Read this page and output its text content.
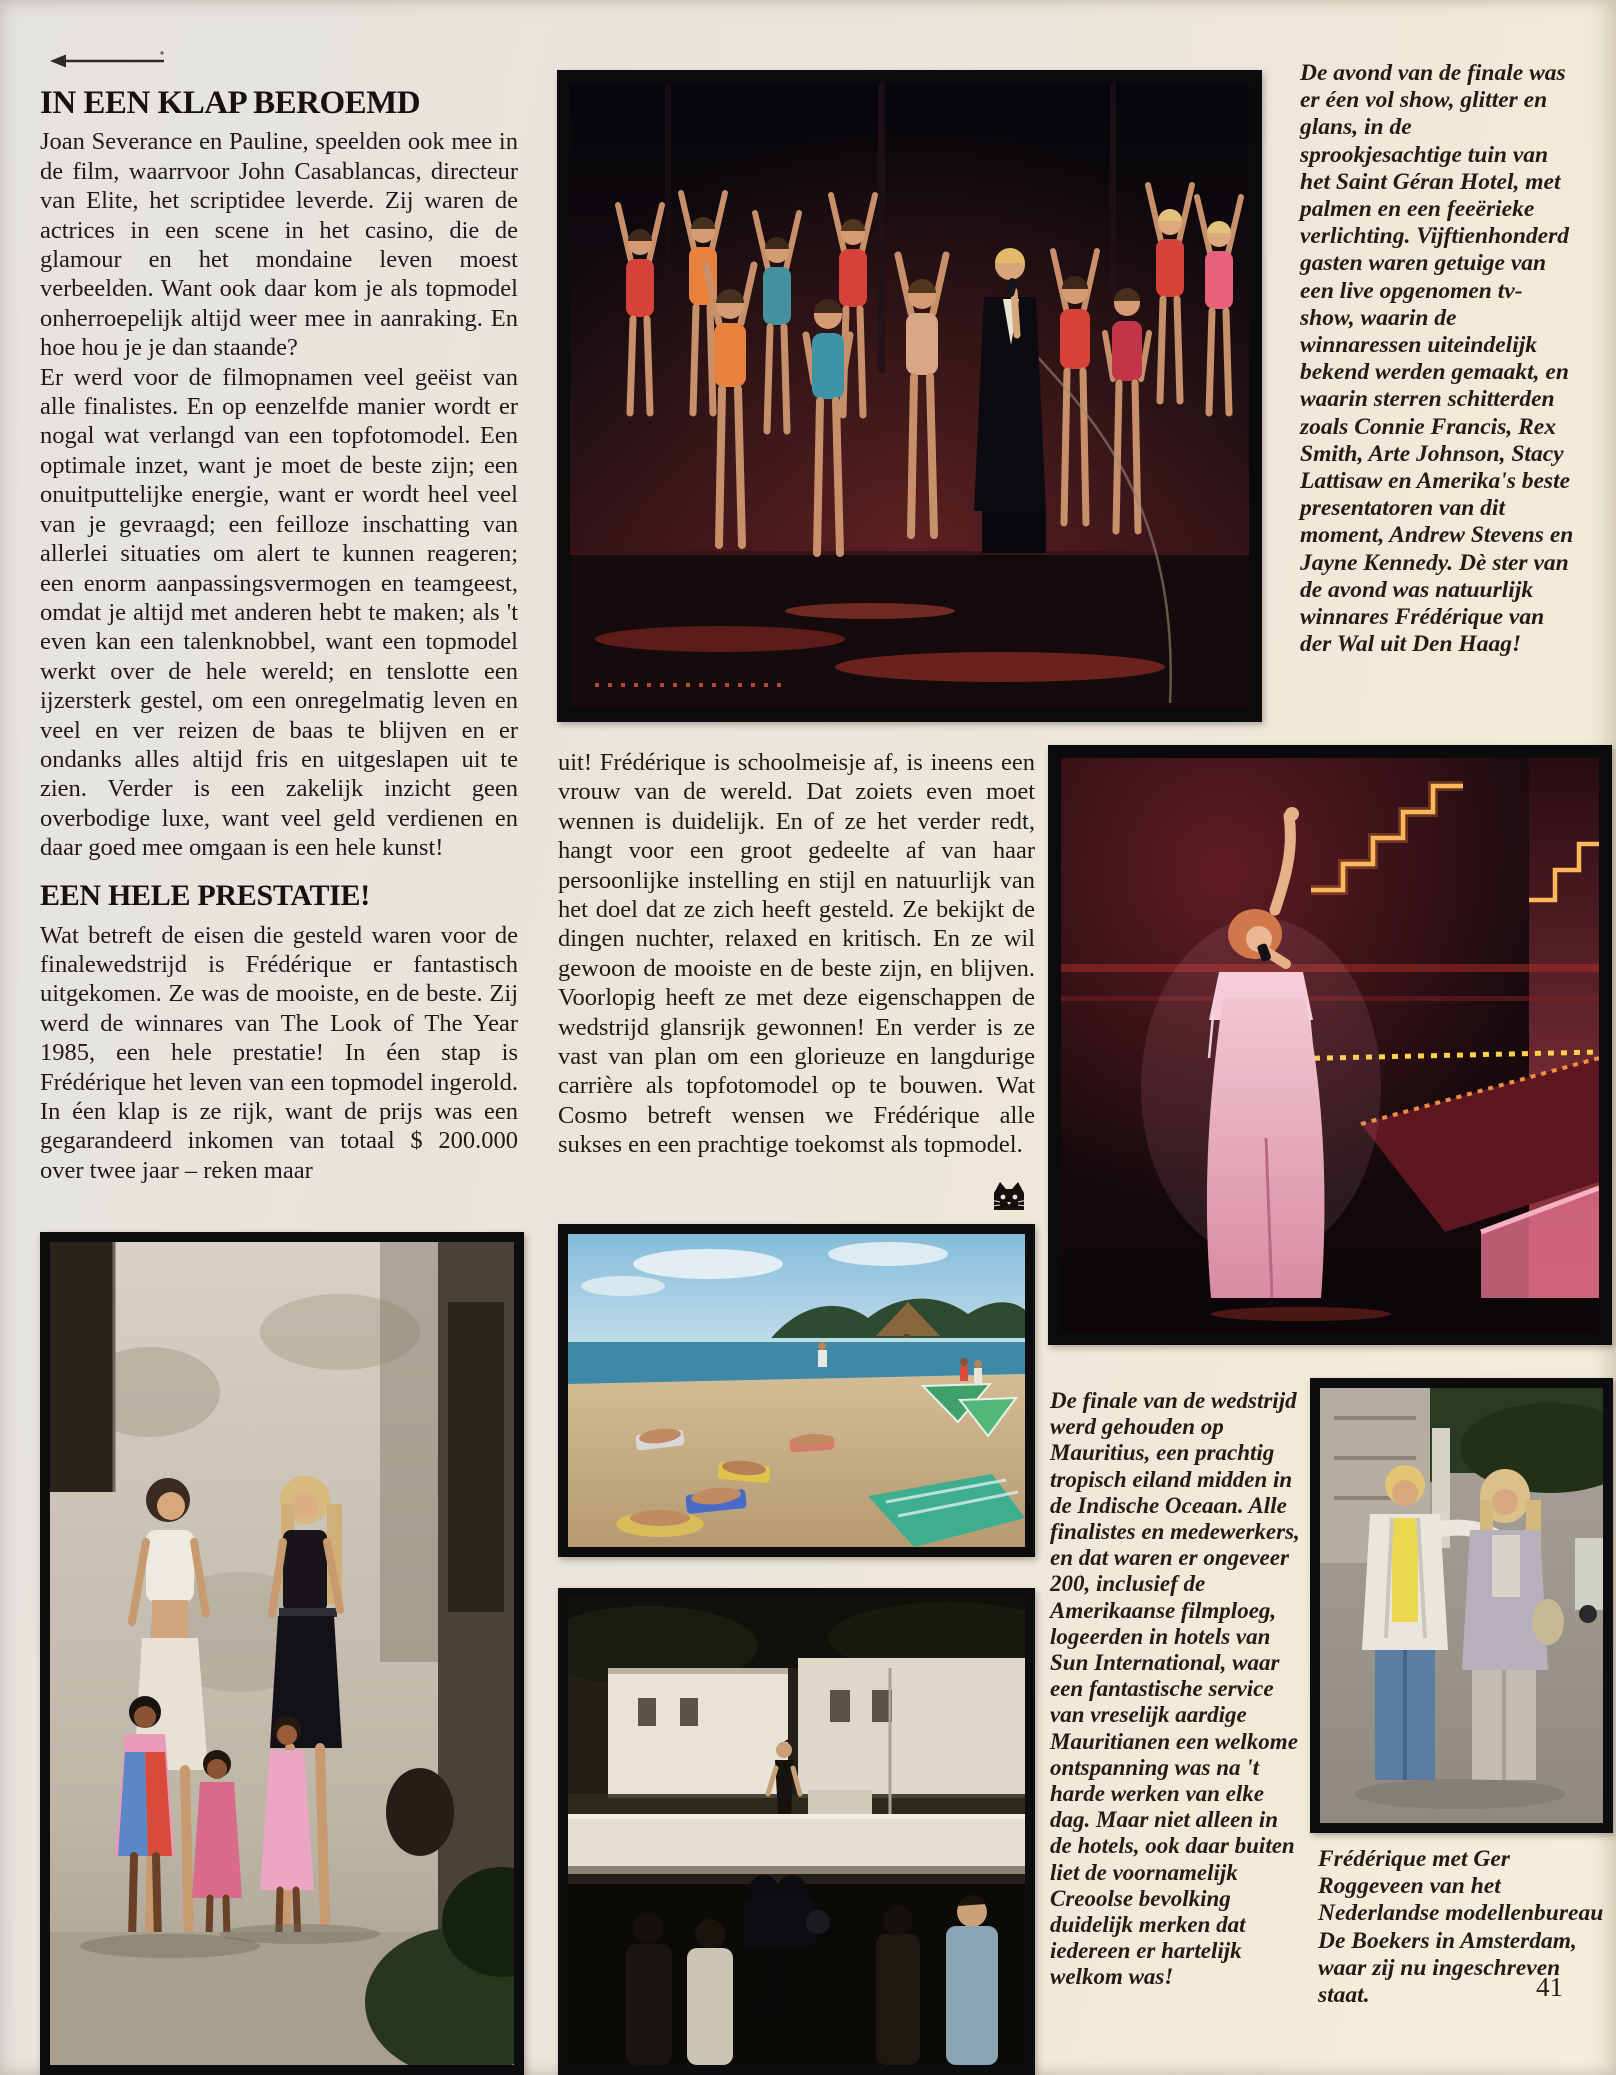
IN EEN KLAP BEROEMD

Joan Severance en Pauline, speelden ook mee in de film, waarrvoor John Casablancas, directeur van Elite, het scriptidee leverde. Zij waren de actrices in een scene in het casino, die de glamour en het mondaine leven moest verbeelden. Want ook daar kom je als topmodel onherroepelijk altijd weer mee in aanraking. En hoe hou je je dan staande?

Er werd voor de filmopnamen veel geëist van alle finalistes. En op eenzelfde manier wordt er nogal wat verlangd van een topfotomodel. Een optimale inzet, want je moet de beste zijn; een onuitputtelijke energie, want er wordt heel veel van je gevraagd; een feilloze inschatting van allerlei situaties om alert te kunnen reageren; een enorm aanpassingsvermogen en teamgeest, omdat je altijd met anderen hebt te maken; als 't even kan een talenknobbel, want een topmodel werkt over de hele wereld; en tenslotte een ijzersterk gestel, om een onregelmatig leven en veel en ver reizen de baas te blijven en er ondanks alles altijd fris en uitgeslapen uit te zien. Verder is een zakelijk inzicht geen overbodige luxe, want veel geld verdienen en daar goed mee omgaan is een hele kunst!

EEN HELE PRESTATIE!

Wat betreft de eisen die gesteld waren voor de finalewedstrijd is Frédérique er fantastisch uitgekomen. Ze was de mooiste, en de beste. Zij werd de winnares van The Look of The Year 1985, een hele prestatie! In éen stap is Frédérique het leven van een topmodel ingerold. In éen klap is ze rijk, want de prijs was een gegarandeerd inkomen van totaal $ 200.000 over twee jaar – reken maar

De avond van de finale was er éen vol show, glitter en glans, in de sprookjesachtige tuin van het Saint Géran Hotel, met palmen en een feeërieke verlichting. Vijftienhonderd gasten waren getuige van een live opgenomen tv-show, waarin de winnaressen uiteindelijk bekend werden gemaakt, en waarin sterren schitterden zoals Connie Francis, Rex Smith, Arte Johnson, Stacy Lattisaw en Amerika's beste presentatoren van dit moment, Andrew Stevens en Jayne Kennedy. Dè ster van de avond was natuurlijk winnares Frédérique van der Wal uit Den Haag!

uit! Frédérique is schoolmeisje af, is ineens een vrouw van de wereld. Dat zoiets even moet wennen is duidelijk. En of ze het verder redt, hangt voor een groot gedeelte af van haar persoonlijke instelling en stijl en natuurlijk van het doel dat ze zich heeft gesteld. Ze bekijkt de dingen nuchter, relaxed en kritisch. En ze wil gewoon de mooiste en de beste zijn, en blijven. Voorlopig heeft ze met deze eigenschappen de wedstrijd glansrijk gewonnen! En verder is ze vast van plan om een glorieuze en langdurige carrière als topfotomodel op te bouwen. Wat Cosmo betreft wensen we Frédérique alle sukses en een prachtige toekomst als topmodel.

De finale van de wedstrijd werd gehouden op Mauritius, een prachtig tropisch eiland midden in de Indische Oceaan. Alle finalistes en medewerkers, en dat waren er ongeveer 200, inclusief de Amerikaanse filmploeg, logeerden in hotels van Sun International, waar een fantastische service van vreselijk aardige Mauritianen een welkome ontspanning was na 't harde werken van elke dag. Maar niet alleen in de hotels, ook daar buiten liet de voornamelijk Creoolse bevolking duidelijk merken dat iedereen er hartelijk welkom was!
Frédérique met Ger Roggeveen van het Nederlandse modellenbureau De Boekers in Amsterdam, waar zij nu ingeschreven staat.	41
